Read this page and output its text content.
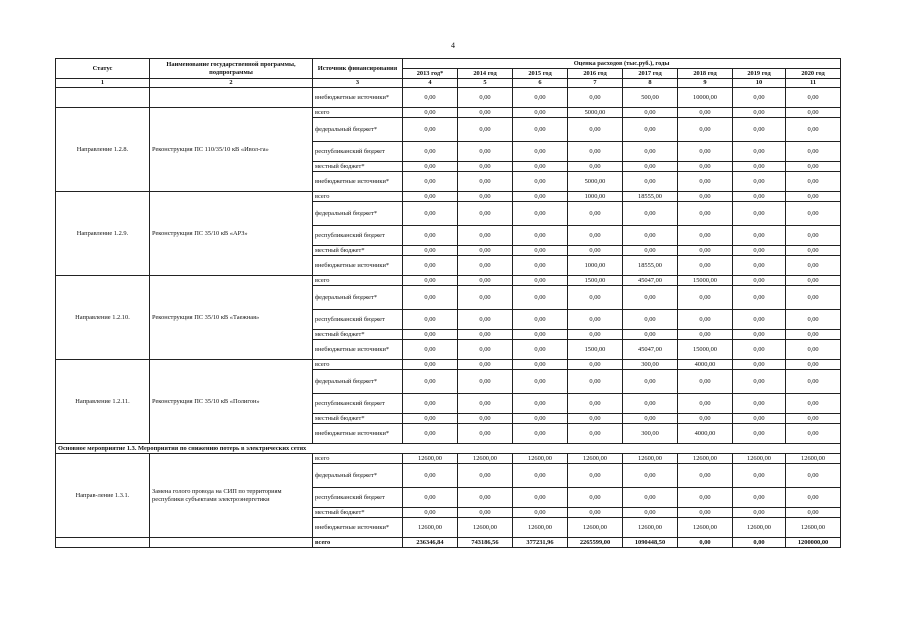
4
Статус	Наименование государственной программы, подпрограммы	Источник финансирования	Оценка расходов (тыс.руб.), годы							
			2013 год*	2014 год	2015 год	2016 год	2017 год	2018 год	2019 год	2020 год
1	2	3	4	5	6	7	8	9	10	11
		внебюджетные источники*	0,00	0,00	0,00	0,00	500,00	10000,00	0,00	0,00
Направление 1.2.8.	Реконструкция ПС 110/35/10 кВ «Ивол-га»	всего	0,00	0,00	0,00	5000,00	0,00	0,00	0,00	0,00
		федеральный бюджет*	0,00	0,00	0,00	0,00	0,00	0,00	0,00	0,00
		республиканский бюджет	0,00	0,00	0,00	0,00	0,00	0,00	0,00	0,00
		местный бюджет*	0,00	0,00	0,00	0,00	0,00	0,00	0,00	0,00
		внебюджетные источники*	0,00	0,00	0,00	5000,00	0,00	0,00	0,00	0,00
Направление 1.2.9.	Реконструкция ПС 35/10 кВ «АРЗ»	всего	0,00	0,00	0,00	1000,00	18555,00	0,00	0,00	0,00
		федеральный бюджет*	0,00	0,00	0,00	0,00	0,00	0,00	0,00	0,00
		республиканский бюджет	0,00	0,00	0,00	0,00	0,00	0,00	0,00	0,00
		местный бюджет*	0,00	0,00	0,00	0,00	0,00	0,00	0,00	0,00
		внебюджетные источники*	0,00	0,00	0,00	1000,00	18555,00	0,00	0,00	0,00
Направление 1.2.10.	Реконструкция ПС 35/10 кВ «Таежная»	всего	0,00	0,00	0,00	1500,00	45047,00	15000,00	0,00	0,00
		федеральный бюджет*	0,00	0,00	0,00	0,00	0,00	0,00	0,00	0,00
		республиканский бюджет	0,00	0,00	0,00	0,00	0,00	0,00	0,00	0,00
		местный бюджет*	0,00	0,00	0,00	0,00	0,00	0,00	0,00	0,00
		внебюджетные источники*	0,00	0,00	0,00	1500,00	45047,00	15000,00	0,00	0,00
Направление 1.2.11.	Реконструкция ПС 35/10 кВ «Полигон»	всего	0,00	0,00	0,00	0,00	300,00	4000,00	0,00	0,00
		федеральный бюджет*	0,00	0,00	0,00	0,00	0,00	0,00	0,00	0,00
		республиканский бюджет	0,00	0,00	0,00	0,00	0,00	0,00	0,00	0,00
		местный бюджет*	0,00	0,00	0,00	0,00	0,00	0,00	0,00	0,00
		внебюджетные источники*	0,00	0,00	0,00	0,00	300,00	4000,00	0,00	0,00
Основное мероприятие 1.3. Мероприятия по снижению потерь в электрических сетях										
Направ-ление 1.3.1.	Замена голого провода на СИП по территориям республики субъектами электроэнергетики	всего	12600,00	12600,00	12600,00	12600,00	12600,00	12600,00	12600,00	12600,00
		федеральный бюджет*	0,00	0,00	0,00	0,00	0,00	0,00	0,00	0,00
		республиканский бюджет	0,00	0,00	0,00	0,00	0,00	0,00	0,00	0,00
		местный бюджет*	0,00	0,00	0,00	0,00	0,00	0,00	0,00	0,00
		внебюджетные источники*	12600,00	12600,00	12600,00	12600,00	12600,00	12600,00	12600,00	12600,00
		всего	236346,84	743186,56	377231,96	2265599,00	1090448,50	0,00	0,00	1200000,00
